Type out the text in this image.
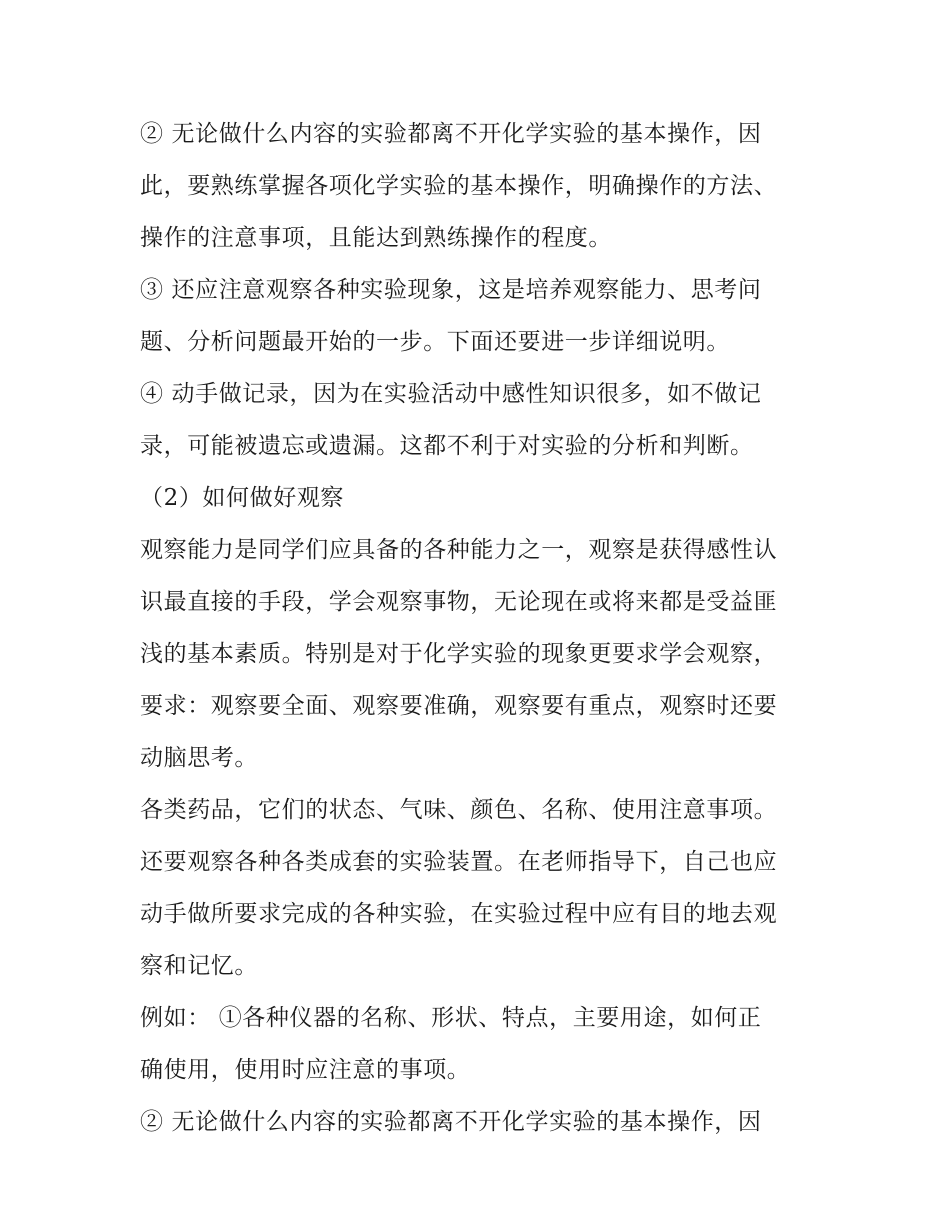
② 无论做什么内容的实验都离不开化学实验的基本操作，因
此，要熟练掌握各项化学实验的基本操作，明确操作的方法、
操作的注意事项，且能达到熟练操作的程度。
③ 还应注意观察各种实验现象，这是培养观察能力、思考问
题、分析问题最开始的一步。下面还要进一步详细说明。
④ 动手做记录，因为在实验活动中感性知识很多，如不做记
录，可能被遗忘或遗漏。这都不利于对实验的分析和判断。
（2）如何做好观察
观察能力是同学们应具备的各种能力之一，观察是获得感性认
识最直接的手段，学会观察事物，无论现在或将来都是受益匪
浅的基本素质。特别是对于化学实验的现象更要求学会观察，
要求：观察要全面、观察要准确，观察要有重点，观察时还要
动脑思考。
各类药品，它们的状态、气味、颜色、名称、使用注意事项。
还要观察各种各类成套的实验装置。在老师指导下，自己也应
动手做所要求完成的各种实验，在实验过程中应有目的地去观
察和记忆。
例如： ①各种仪器的名称、形状、特点，主要用途，如何正
确使用，使用时应注意的事项。
② 无论做什么内容的实验都离不开化学实验的基本操作，因
